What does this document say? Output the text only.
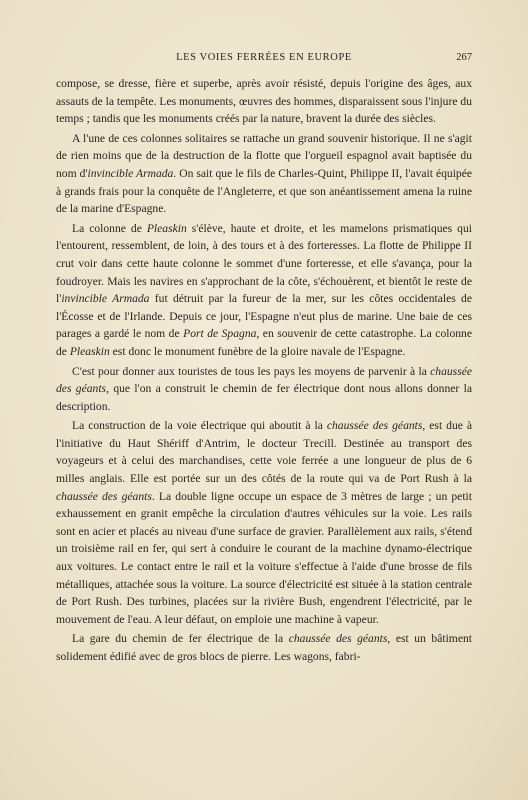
LES VOIES FERRÉES EN EUROPE	267

compose, se dresse, fière et superbe, après avoir résisté, depuis l'origine des âges, aux assauts de la tempête. Les monuments, œuvres des hommes, disparaissent sous l'injure du temps ; tandis que les monuments créés par la nature, bravent la durée des siècles.

A l'une de ces colonnes solitaires se rattache un grand souvenir historique. Il ne s'agit de rien moins que de la destruction de la flotte que l'orgueil espagnol avait baptisée du nom d'invincible Armada. On sait que le fils de Charles-Quint, Philippe II, l'avait équipée à grands frais pour la conquête de l'Angleterre, et que son anéantissement amena la ruine de la marine d'Espagne.

La colonne de Pleaskin s'élève, haute et droite, et les mamelons prismatiques qui l'entourent, ressemblent, de loin, à des tours et à des forteresses. La flotte de Philippe II crut voir dans cette haute colonne le sommet d'une forteresse, et elle s'avança, pour la foudroyer. Mais les navires en s'approchant de la côte, s'échouèrent, et bientôt le reste de l'invincible Armada fut détruit par la fureur de la mer, sur les côtes occidentales de l'Écosse et de l'Irlande. Depuis ce jour, l'Espagne n'eut plus de marine. Une baie de ces parages a gardé le nom de Port de Spagna, en souvenir de cette catastrophe. La colonne de Pleaskin est donc le monument funèbre de la gloire navale de l'Espagne.

C'est pour donner aux touristes de tous les pays les moyens de parvenir à la chaussée des géants, que l'on a construit le chemin de fer électrique dont nous allons donner la description.

La construction de la voie électrique qui aboutit à la chaussée des géants, est due à l'initiative du Haut Shériff d'Antrim, le docteur Trecill. Destinée au transport des voyageurs et à celui des marchandises, cette voie ferrée a une longueur de plus de 6 milles anglais. Elle est portée sur un des côtés de la route qui va de Port Rush à la chaussée des géants. La double ligne occupe un espace de 3 mètres de large ; un petit exhaussement en granit empêche la circulation d'autres véhicules sur la voie. Les rails sont en acier et placés au niveau d'une surface de gravier. Parallèlement aux rails, s'étend un troisième rail en fer, qui sert à conduire le courant de la machine dynamo-électrique aux voitures. Le contact entre le rail et la voiture s'effectue à l'aide d'une brosse de fils métalliques, attachée sous la voiture. La source d'électricité est située à la station centrale de Port Rush. Des turbines, placées sur la rivière Bush, engendrent l'électricité, par le mouvement de l'eau. A leur défaut, on emploie une machine à vapeur.

La gare du chemin de fer électrique de la chaussée des géants, est un bâtiment solidement édifié avec de gros blocs de pierre. Les wagons, fabri-
